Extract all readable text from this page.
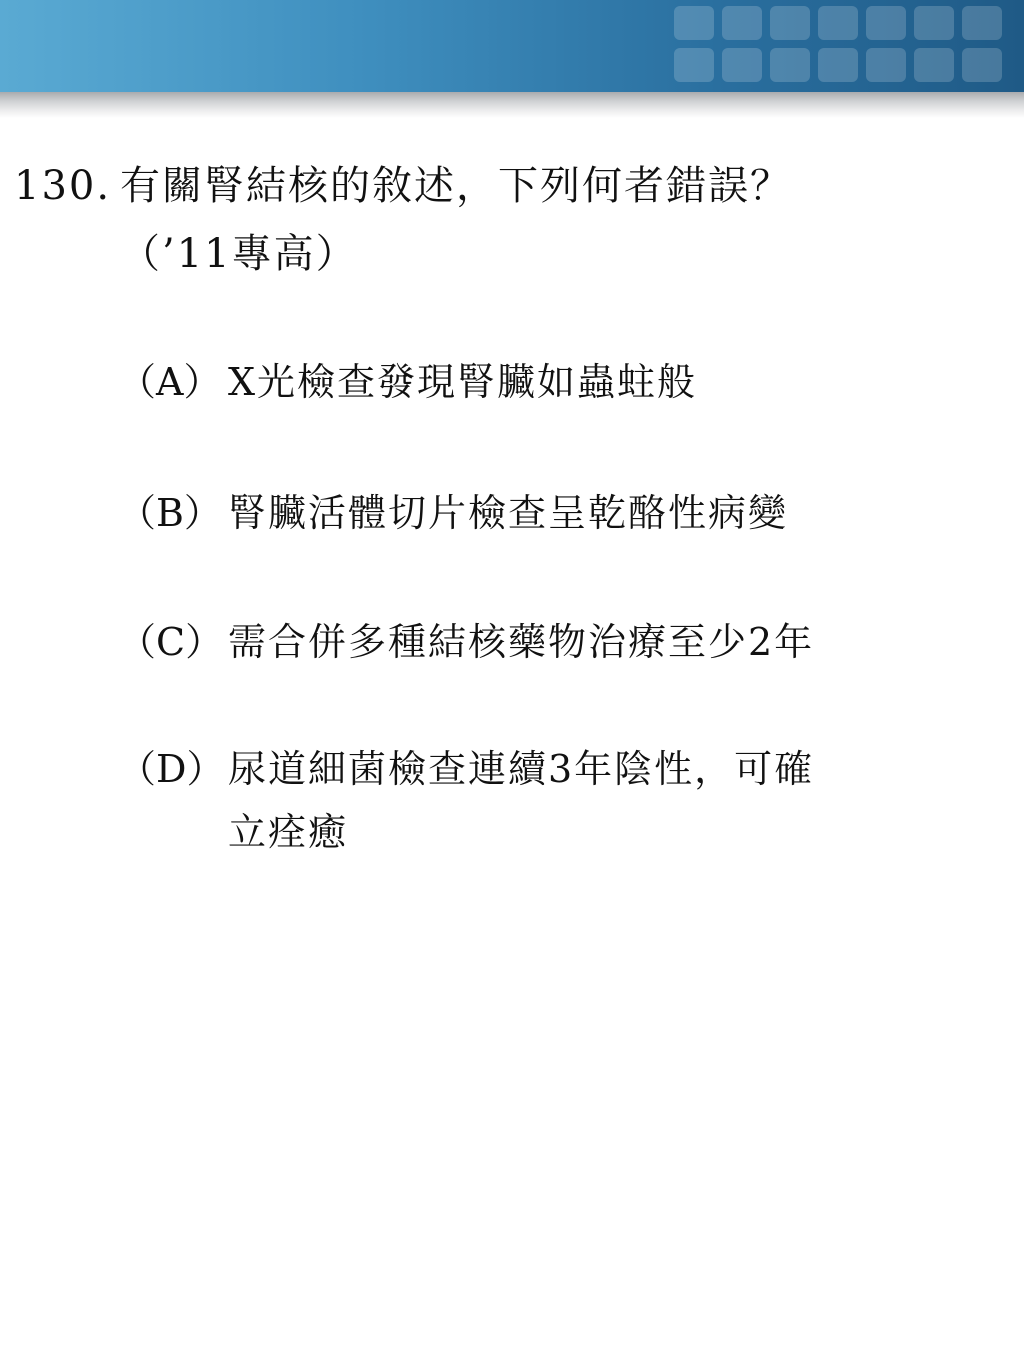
130. 有關腎結核的敘述，下列何者錯誤？
（’11專高）
（A） X光檢查發現腎臟如蟲蛀般
（B） 腎臟活體切片檢查呈乾酪性病變
（C） 需合併多種結核藥物治療至少2年
（D） 尿道細菌檢查連續3年陰性，可確
立痊癒
